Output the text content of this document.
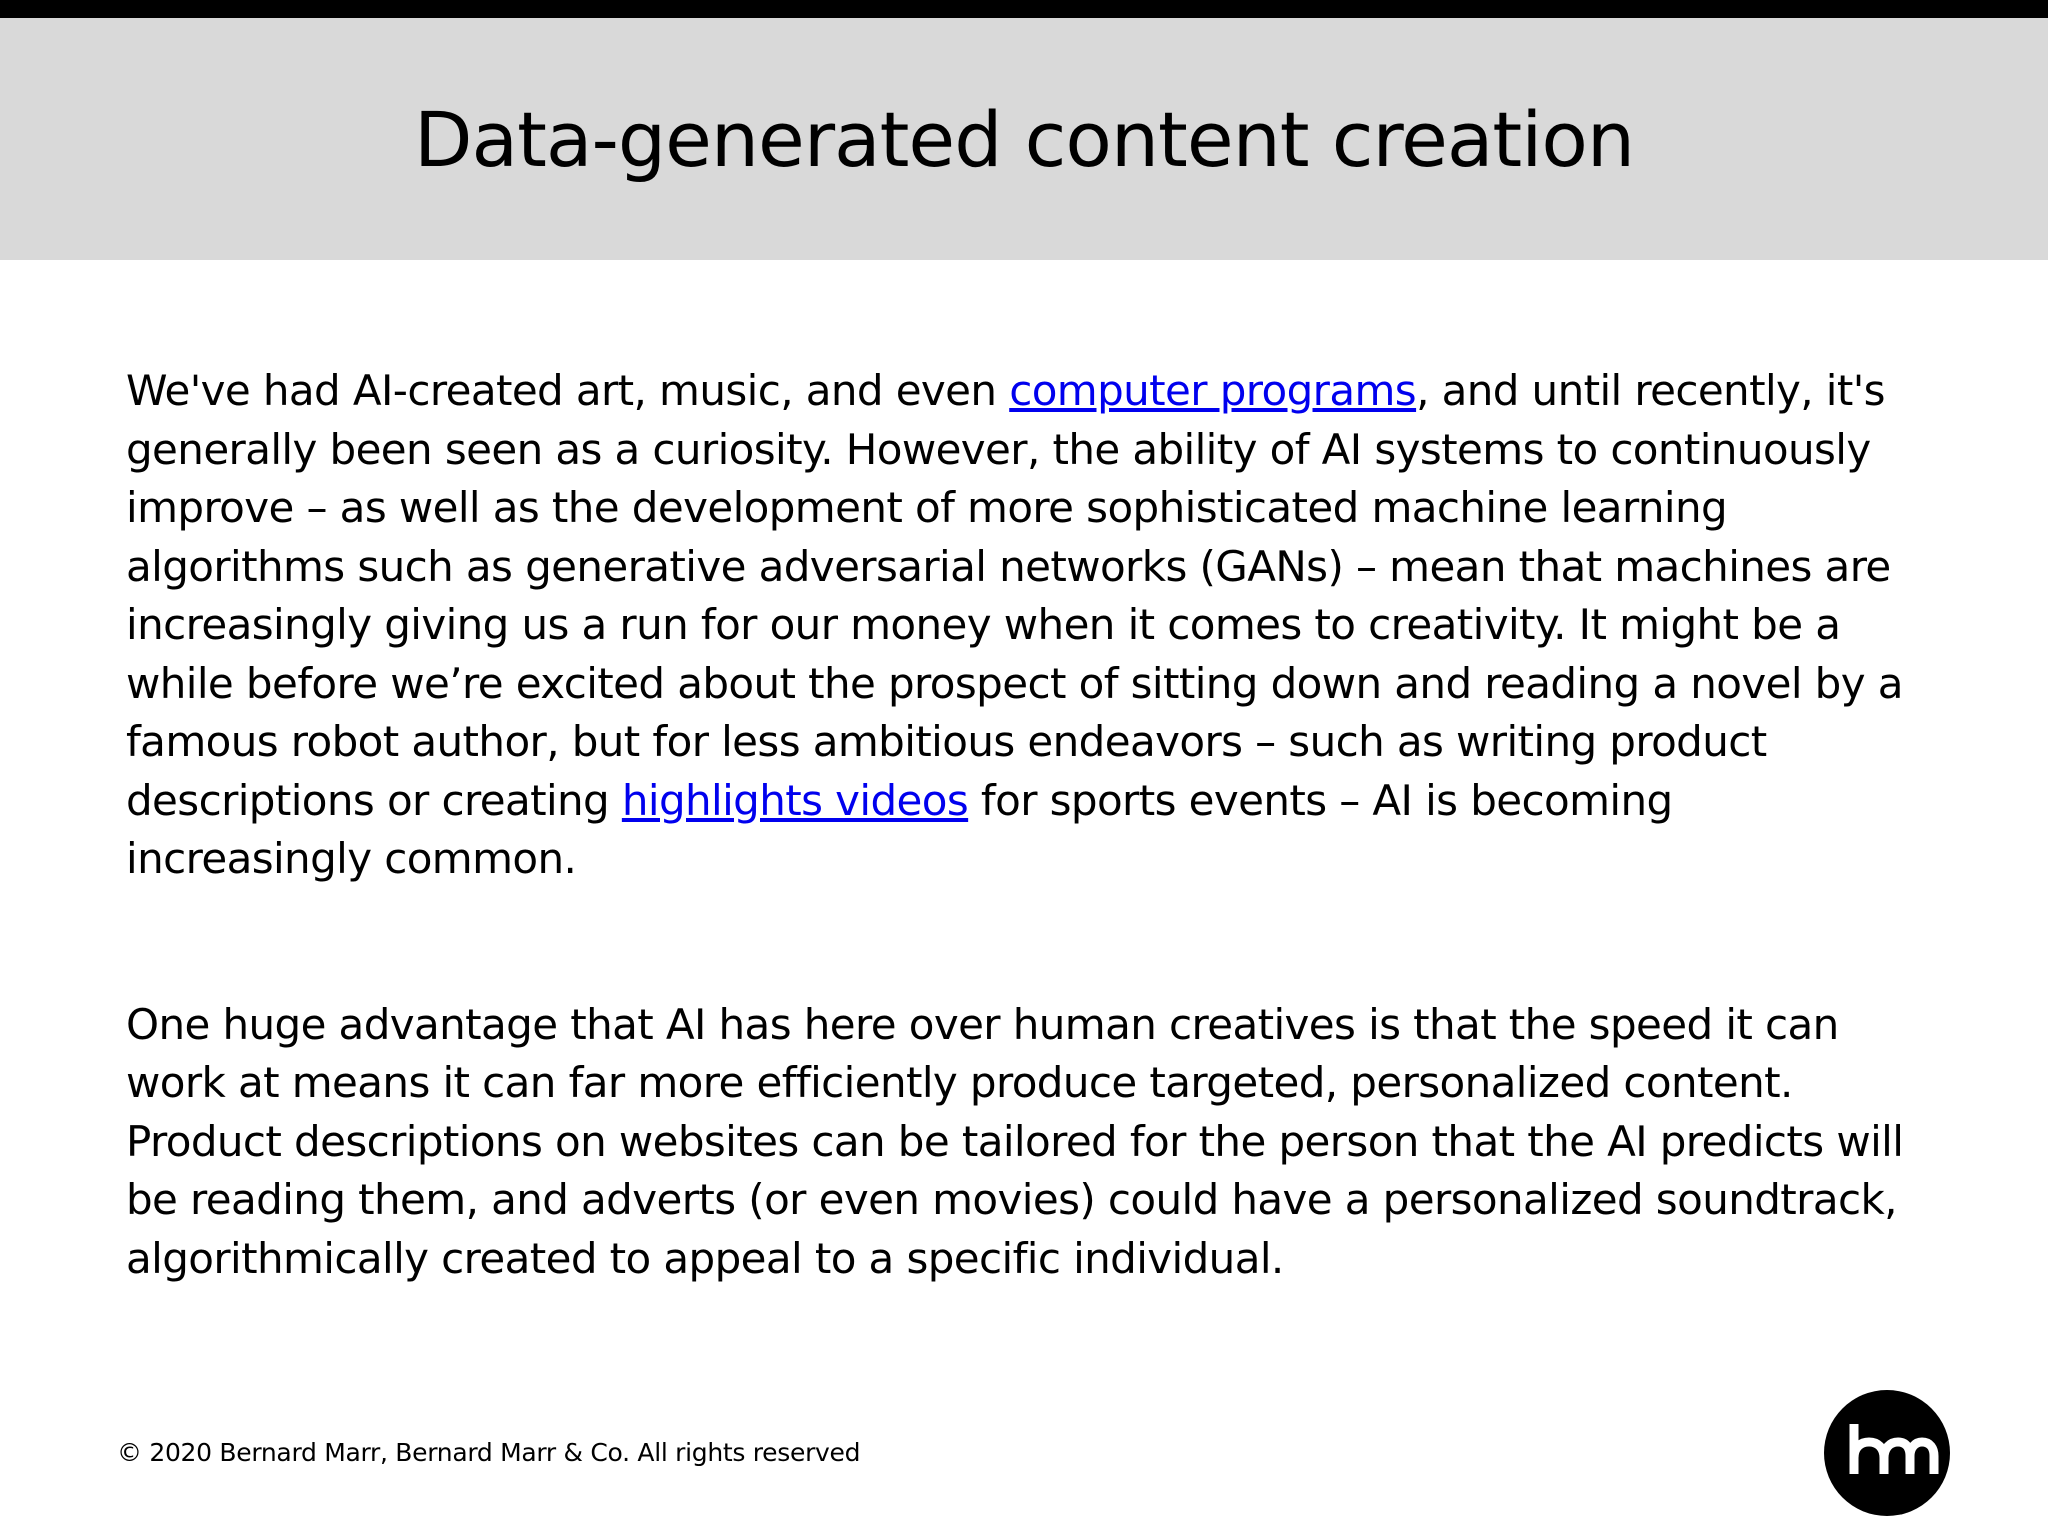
Data-generated content creation

We've had AI-created art, music, and even computer programs, and until recently, it's generally been seen as a curiosity. However, the ability of AI systems to continuously improve – as well as the development of more sophisticated machine learning algorithms such as generative adversarial networks (GANs) – mean that machines are increasingly giving us a run for our money when it comes to creativity. It might be a while before we’re excited about the prospect of sitting down and reading a novel by a famous robot author, but for less ambitious endeavors – such as writing product descriptions or creating highlights videos for sports events – AI is becoming increasingly common.

One huge advantage that AI has here over human creatives is that the speed it can work at means it can far more efficiently produce targeted, personalized content. Product descriptions on websites can be tailored for the person that the AI predicts will be reading them, and adverts (or even movies) could have a personalized soundtrack, algorithmically created to appeal to a specific individual.

© 2020 Bernard Marr, Bernard Marr & Co. All rights reserved
